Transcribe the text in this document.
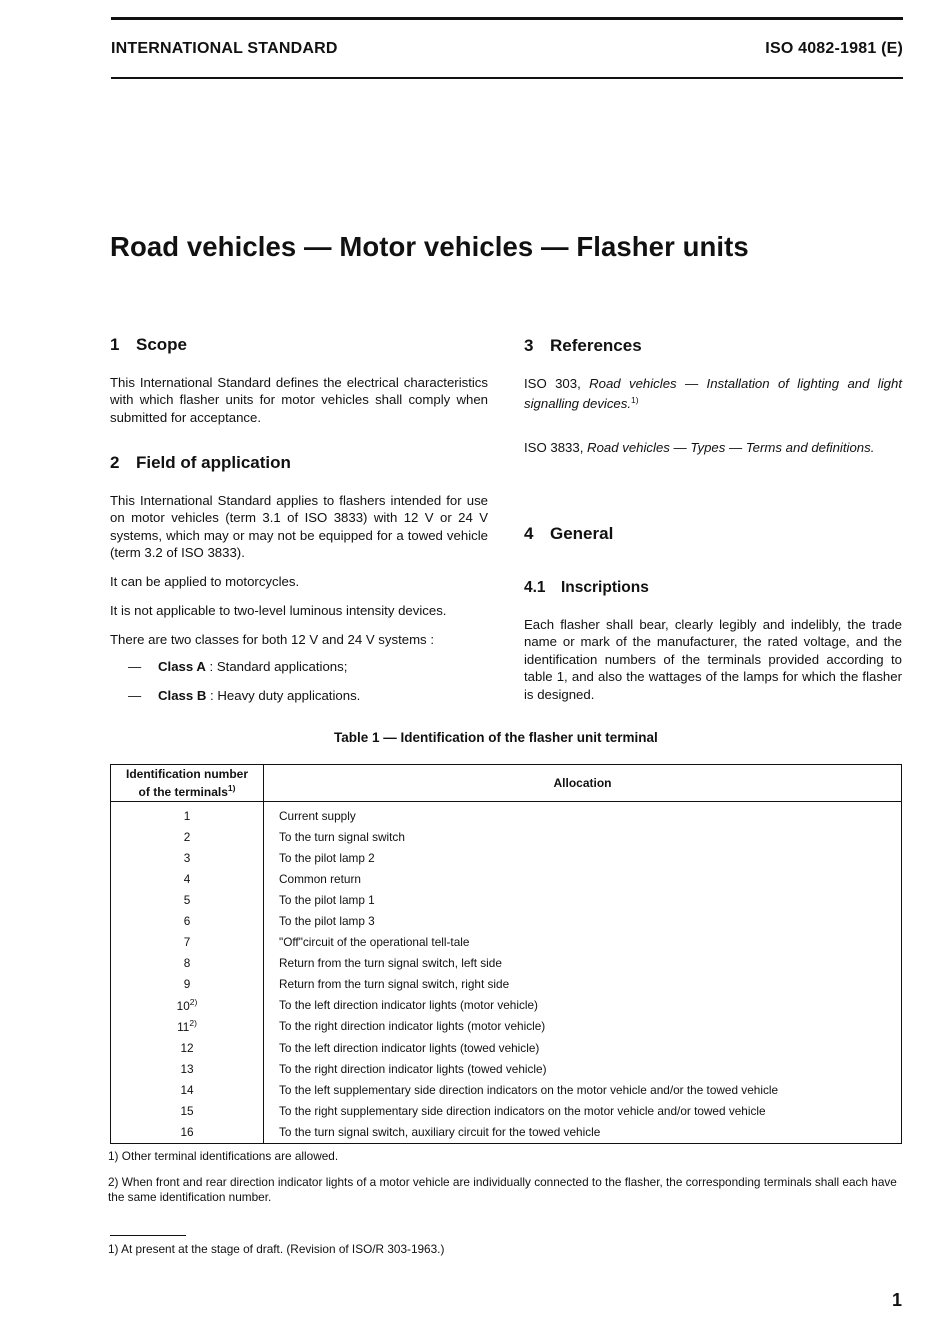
INTERNATIONAL STANDARD	ISO 4082-1981 (E)
Road vehicles — Motor vehicles — Flasher units
1 Scope
This International Standard defines the electrical characteristics with which flasher units for motor vehicles shall comply when submitted for acceptance.
2 Field of application
This International Standard applies to flashers intended for use on motor vehicles (term 3.1 of ISO 3833) with 12 V or 24 V systems, which may or may not be equipped for a towed vehicle (term 3.2 of ISO 3833).
It can be applied to motorcycles.
It is not applicable to two-level luminous intensity devices.
There are two classes for both 12 V and 24 V systems :
— Class A : Standard applications;
— Class B : Heavy duty applications.
3 References
ISO 303, Road vehicles — Installation of lighting and light signalling devices.$^{1)}$
ISO 3833, Road vehicles — Types — Terms and definitions.
4 General
4.1 Inscriptions
Each flasher shall bear, clearly legibly and indelibly, the trade name or mark of the manufacturer, the rated voltage, and the identification numbers of the terminals provided according to table 1, and also the wattages of the lamps for which the flasher is designed.
Table 1 — Identification of the flasher unit terminal
Identification number
of the terminals$^{1)}$	Allocation
1	Current supply
2	To the turn signal switch
3	To the pilot lamp 2
4	Common return
5	To the pilot lamp 1
6	To the pilot lamp 3
7	"Off"circuit of the operational tell-tale
8	Return from the turn signal switch, left side
9	Return from the turn signal switch, right side
10$^{2)}$	To the left direction indicator lights (motor vehicle)
11$^{2)}$	To the right direction indicator lights (motor vehicle)
12	To the left direction indicator lights (towed vehicle)
13	To the right direction indicator lights (towed vehicle)
14	To the left supplementary side direction indicators on the motor vehicle and/or the towed vehicle
15	To the right supplementary side direction indicators on the motor vehicle and/or towed vehicle
16	To the turn signal switch, auxiliary circuit for the towed vehicle
1) Other terminal identifications are allowed.
2) When front and rear direction indicator lights of a motor vehicle are individually connected to the flasher, the corresponding terminals shall each have the same identification number.
1) At present at the stage of draft. (Revision of ISO/R 303-1963.)
1
